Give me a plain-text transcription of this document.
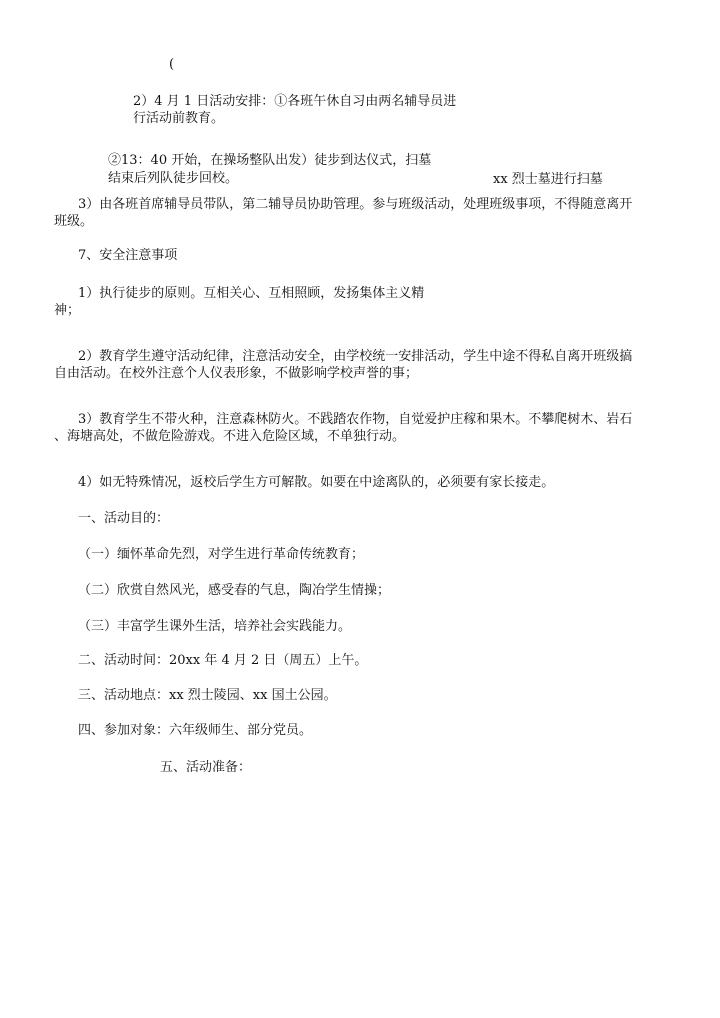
(
2）4 月 1 日活动安排：①各班午休自习由两名辅导员进
行活动前教育。
②13：40 开始，在操场整队出发）徒步到达仪式，扫墓
结束后列队徒步回校。	xx 烈士墓进行扫墓
3）由各班首席辅导员带队，第二辅导员协助管理。参与班级活动，处理班级事项，不得随意离开
班级。
7、安全注意事项
1）执行徒步的原则。互相关心、互相照顾，发扬集体主义精
神；
2）教育学生遵守活动纪律，注意活动安全，由学校统一安排活动，学生中途不得私自离开班级搞
自由活动。在校外注意个人仪表形象，不做影响学校声誉的事；
3）教育学生不带火种，注意森林防火。不践踏农作物，自觉爱护庄稼和果木。不攀爬树木、岩石
、海塘高处，不做危险游戏。不进入危险区域，不单独行动。
4）如无特殊情况，返校后学生方可解散。如要在中途离队的，必须要有家长接走。
一、活动目的：
（一）缅怀革命先烈，对学生进行革命传统教育；
（二）欣赏自然风光，感受春的气息，陶冶学生情操；
（三）丰富学生课外生活，培养社会实践能力。
二、活动时间：20xx 年 4 月 2 日（周五）上午。
三、活动地点：xx 烈士陵园、xx 国土公园。
四、参加对象：六年级师生、部分党员。
五、活动准备：
